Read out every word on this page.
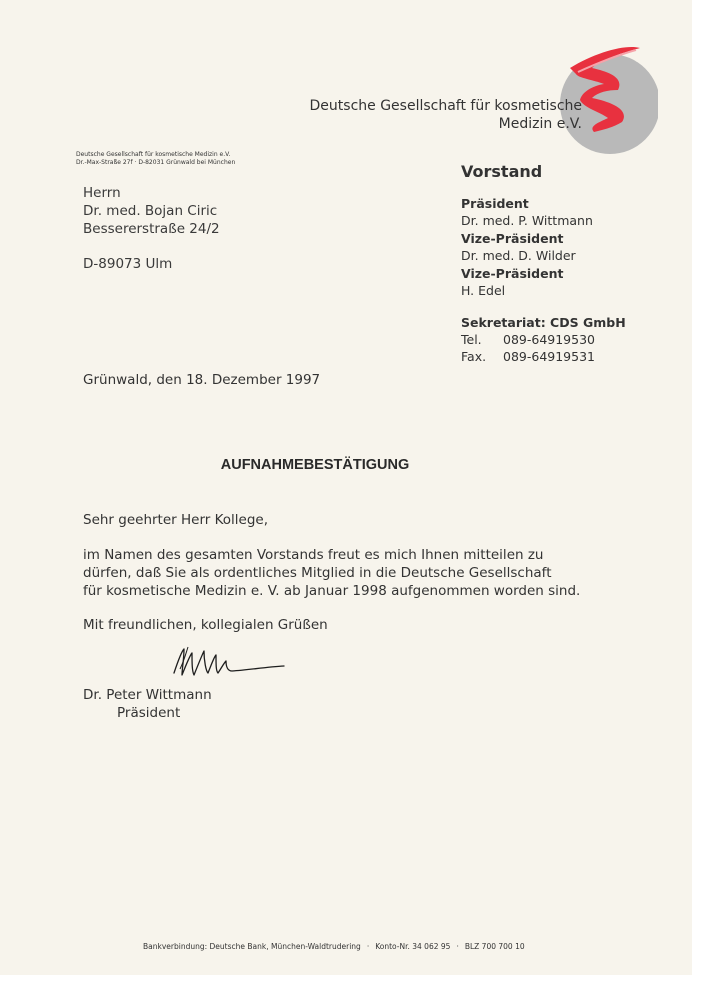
Deutsche Gesellschaft für kosmetische
Medizin e.V.
Deutsche Gesellschaft für kosmetische Medizin e.V.
Dr.-Max-Straße 27f · D-82031 Grünwald bei München
Herrn
Dr. med. Bojan Ciric
Bessererstraße 24/2
D-89073 Ulm
Vorstand
Präsident
Dr. med. P. Wittmann
Vize-Präsident
Dr. med. D. Wilder
Vize-Präsident
H. Edel
Sekretariat: CDS GmbH
Tel. 089-64919530
Fax. 089-64919531
Grünwald, den 18. Dezember 1997
AUFNAHMEBESTÄTIGUNG
Sehr geehrter Herr Kollege,
im Namen des gesamten Vorstands freut es mich Ihnen mitteilen zu
dürfen, daß Sie als ordentliches Mitglied in die Deutsche Gesellschaft
für kosmetische Medizin e. V. ab Januar 1998 aufgenommen worden sind.
Mit freundlichen, kollegialen Grüßen
Dr. Peter Wittmann
Präsident
Bankverbindung: Deutsche Bank, München-Waldtrudering · Konto-Nr. 34 062 95 · BLZ 700 700 10
